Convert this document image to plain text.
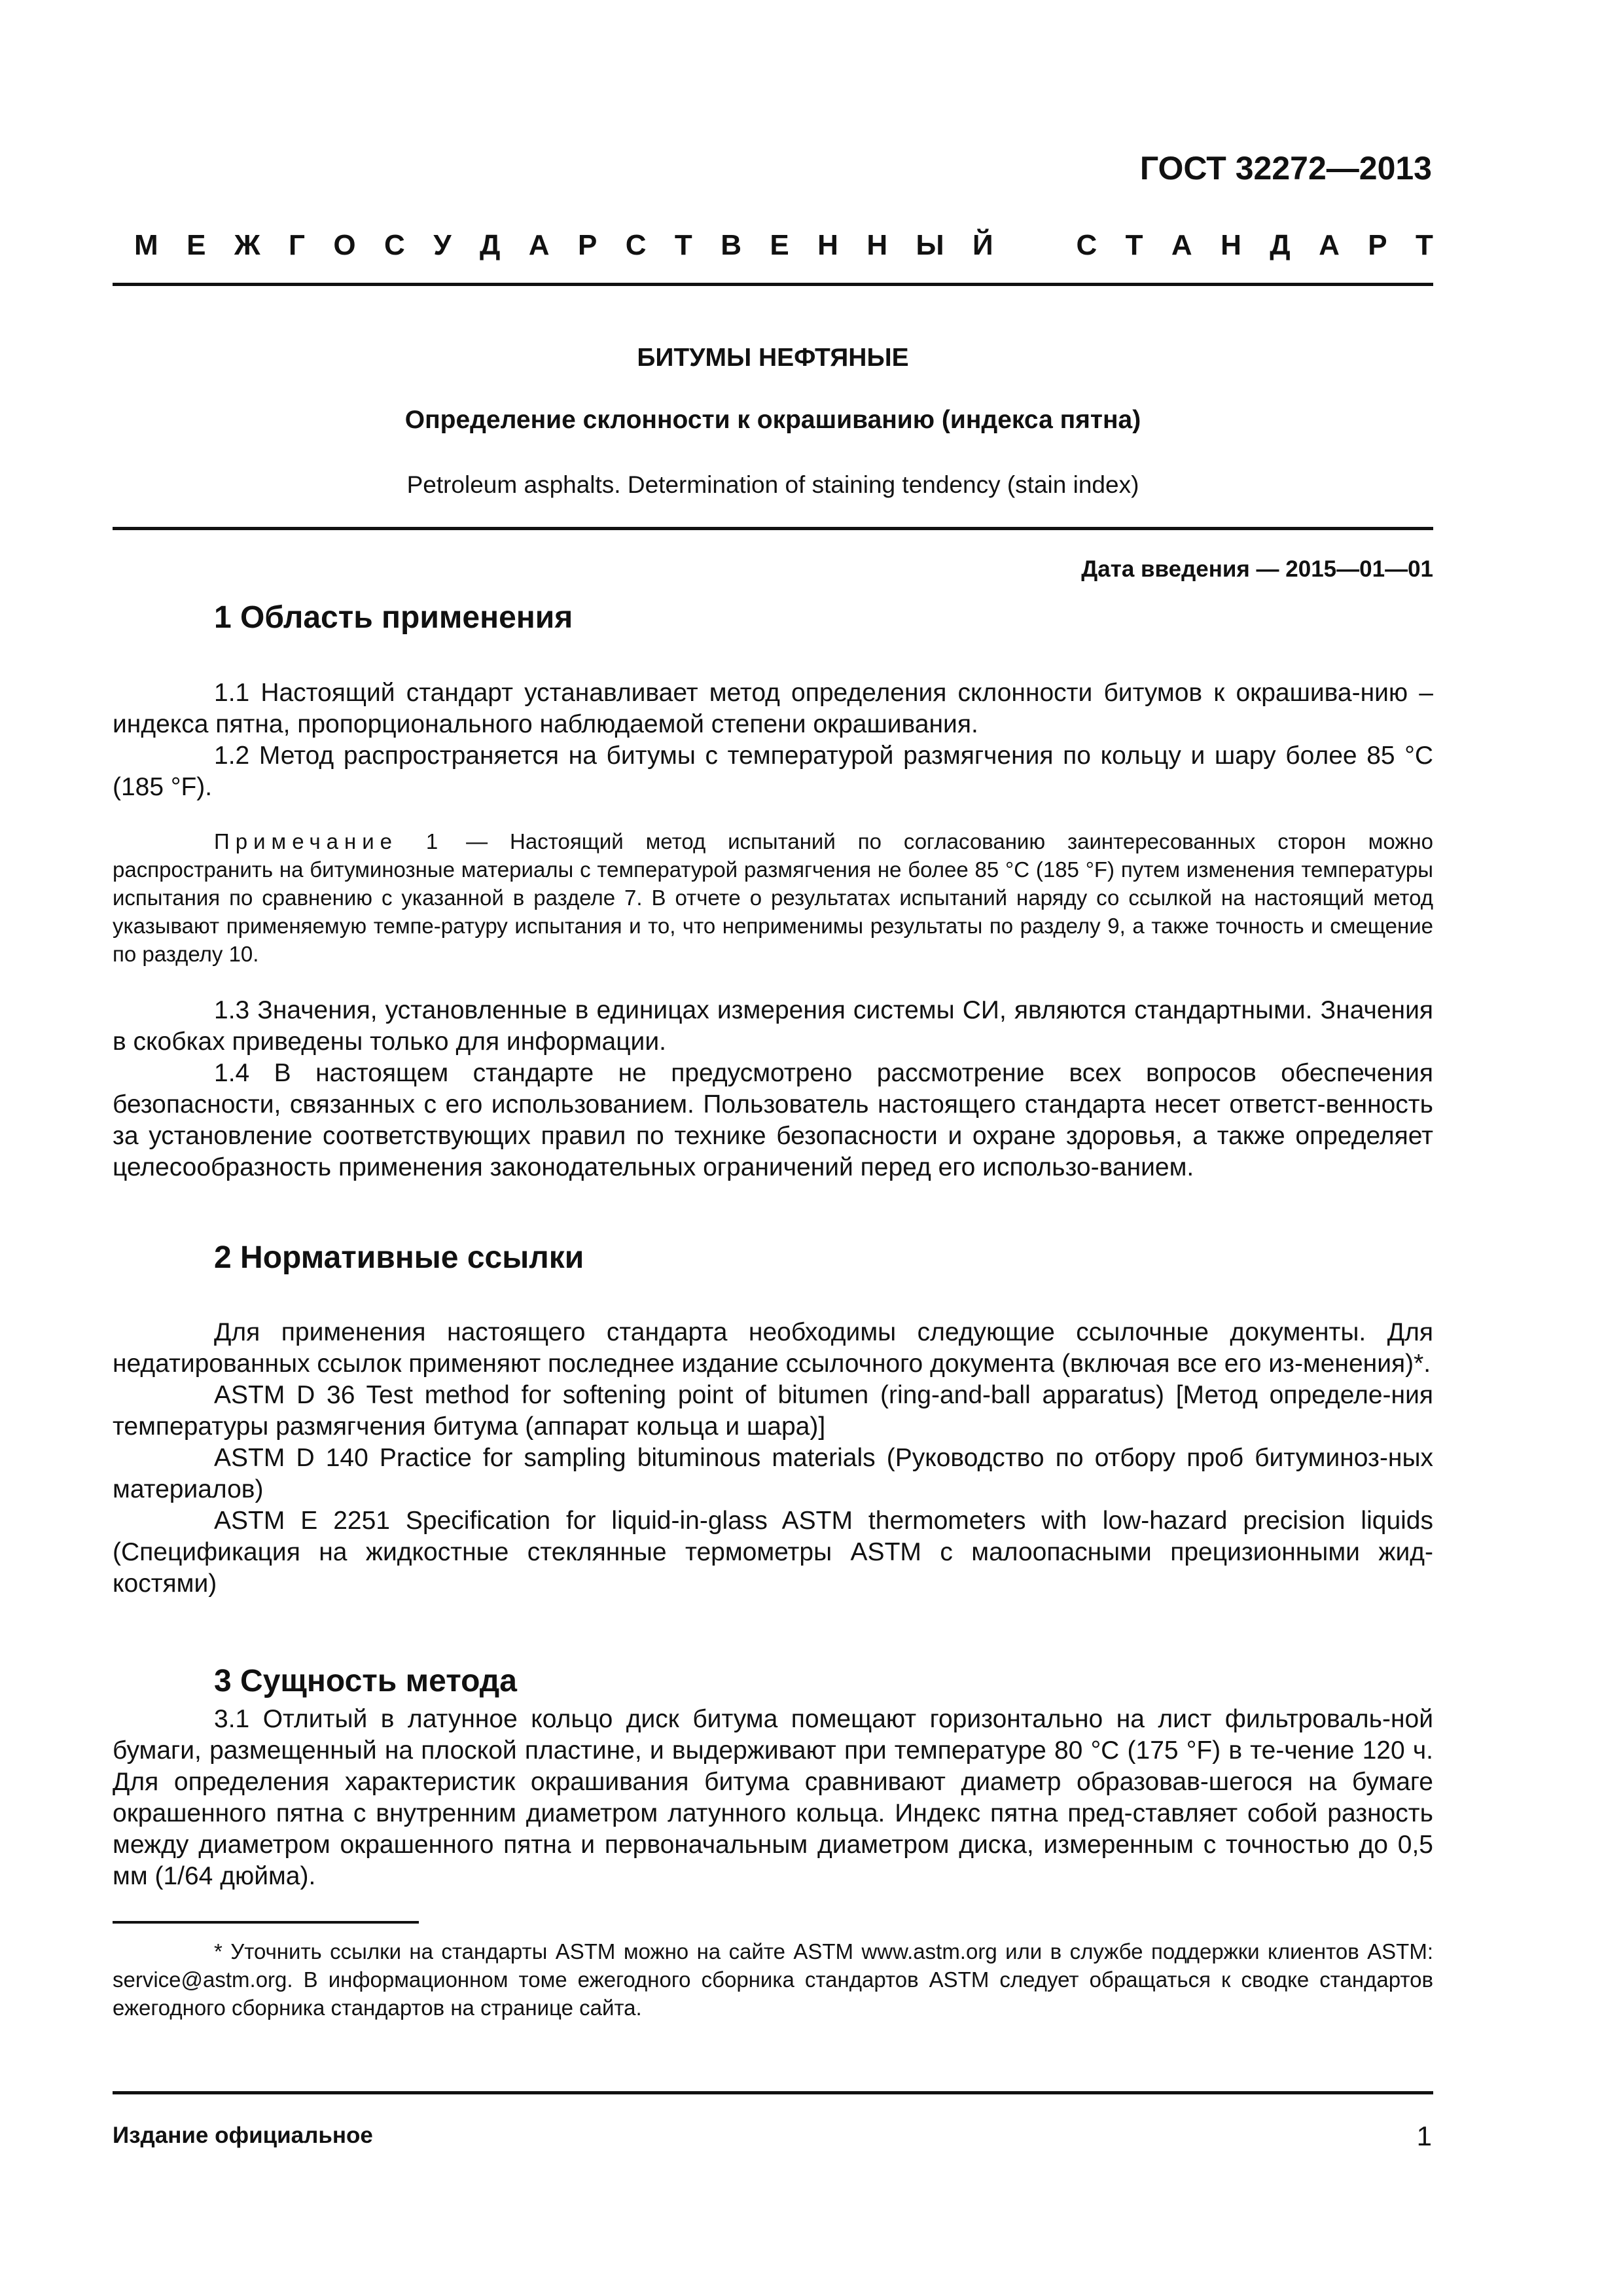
ГОСТ 32272—2013
М Е Ж Г О С У Д А Р С Т В Е Н Н Ы Й	С Т А Н Д А Р Т
БИТУМЫ НЕФТЯНЫЕ
Определение склонности к окрашиванию (индекса пятна)
Petroleum asphalts. Determination of staining tendency (stain index)
Дата введения — 2015—01—01
1 Область применения

1.1 Настоящий стандарт устанавливает метод определения склонности битумов к окрашива-нию – индекса пятна, пропорционального наблюдаемой степени окрашивания.

1.2 Метод распространяется на битумы с температурой размягчения по кольцу и шару более 85 °С (185 °F).

Примечание 1 — Настоящий метод испытаний по согласованию заинтересованных сторон можно распространить на битуминозные материалы с температурой размягчения не более 85 °С (185 °F) путем изменения температуры испытания по сравнению с указанной в разделе 7. В отчете о результатах испытаний наряду со ссылкой на настоящий метод указывают применяемую темпе-ратуру испытания и то, что неприменимы результаты по разделу 9, а также точность и смещение по разделу 10.

1.3 Значения, установленные в единицах измерения системы СИ, являются стандартными. Значения в скобках приведены только для информации.

1.4 В настоящем стандарте не предусмотрено рассмотрение всех вопросов обеспечения безопасности, связанных с его использованием. Пользователь настоящего стандарта несет ответст-венность за установление соответствующих правил по технике безопасности и охране здоровья, а также определяет целесообразность применения законодательных ограничений перед его использо-ванием.

2 Нормативные ссылки

Для применения настоящего стандарта необходимы следующие ссылочные документы. Для недатированных ссылок применяют последнее издание ссылочного документа (включая все его из-менения)*.

ASTM D 36 Test method for softening point of bitumen (ring-and-ball apparatus) [Метод определе-ния температуры размягчения битума (аппарат кольца и шара)]

ASTM D 140 Practice for sampling bituminous materials (Руководство по отбору проб битуминоз-ных материалов)

ASTM E 2251 Specification for liquid-in-glass ASTM thermometers with low-hazard precision liquids (Спецификация на жидкостные стеклянные термометры ASTM с малоопасными прецизионными жид-костями)

3 Сущность метода

3.1 Отлитый в латунное кольцо диск битума помещают горизонтально на лист фильтроваль-ной бумаги, размещенный на плоской пластине, и выдерживают при температуре 80 °С (175 °F) в те-чение 120 ч. Для определения характеристик окрашивания битума сравнивают диаметр образовав-шегося на бумаге окрашенного пятна с внутренним диаметром латунного кольца. Индекс пятна пред-ставляет собой разность между диаметром окрашенного пятна и первоначальным диаметром диска, измеренным с точностью до 0,5 мм (1/64 дюйма).

* Уточнить ссылки на стандарты ASTM можно на сайте ASTM www.astm.org или в службе поддержки клиентов ASTM: service@astm.org. В информационном томе ежегодного сборника стандартов ASTM следует обращаться к сводке стандартов ежегодного сборника стандартов на странице сайта.

Издание официальное	1
